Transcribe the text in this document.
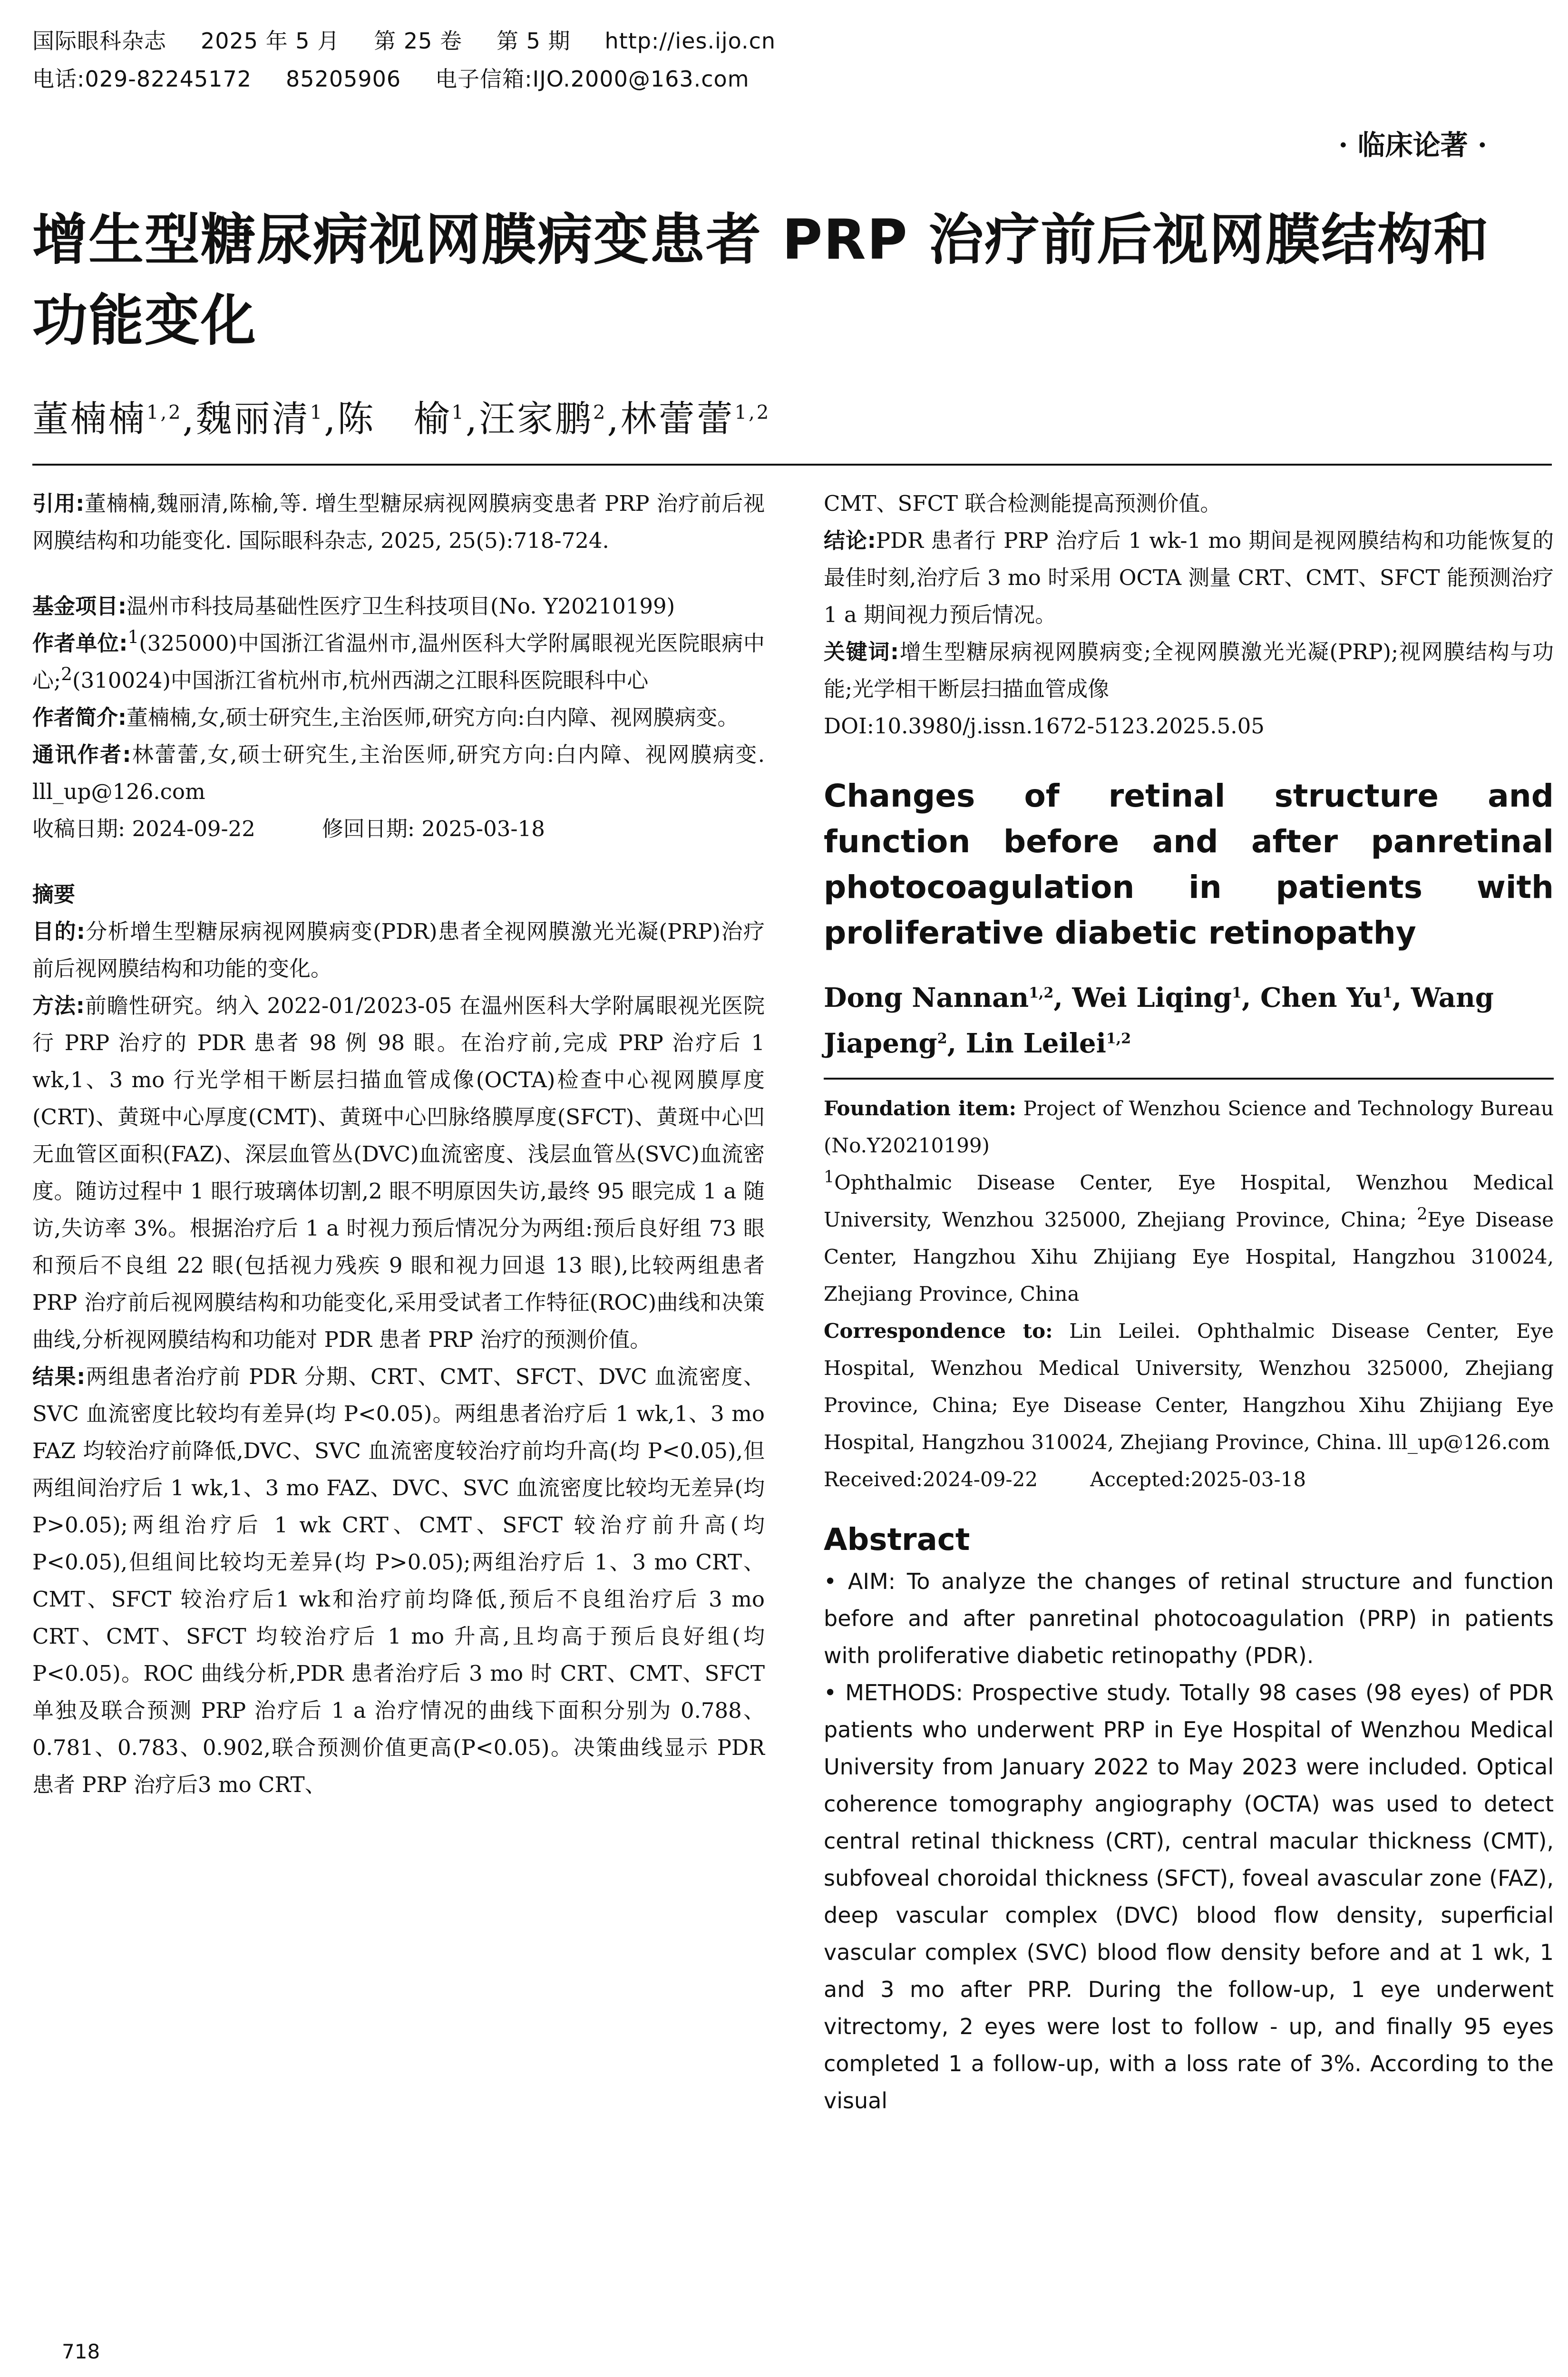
国际眼科杂志 2025 年 5 月 第 25 卷 第 5 期 http://ies.ijo.cn
电话:029-82245172 85205906 电子信箱:IJO.2000@163.com
· 临床论著 ·
增生型糖尿病视网膜病变患者 PRP 治疗前后视网膜结构和功能变化
董楠楠$^{1,2}$,魏丽清$^1$,陈　榆$^1$,汪家鹏$^2$,林蕾蕾$^{1,2}$

引用:董楠楠,魏丽清,陈榆,等. 增生型糖尿病视网膜病变患者 PRP 治疗前后视网膜结构和功能变化. 国际眼科杂志, 2025, 25(5):718-724.

基金项目:温州市科技局基础性医疗卫生科技项目(No. Y20210199)

作者单位:$^1$(325000)中国浙江省温州市,温州医科大学附属眼视光医院眼病中心;$^2$(310024)中国浙江省杭州市,杭州西湖之江眼科医院眼科中心

作者简介:董楠楠,女,硕士研究生,主治医师,研究方向:白内障、视网膜病变。

通讯作者:林蕾蕾,女,硕士研究生,主治医师,研究方向:白内障、视网膜病变. lll_up@126.com

收稿日期: 2024-09-22	修回日期: 2025-03-18

摘要

目的:分析增生型糖尿病视网膜病变(PDR)患者全视网膜激光光凝(PRP)治疗前后视网膜结构和功能的变化。

方法:前瞻性研究。纳入 2022-01/2023-05 在温州医科大学附属眼视光医院行 PRP 治疗的 PDR 患者 98 例 98 眼。在治疗前,完成 PRP 治疗后 1 wk,1、3 mo 行光学相干断层扫描血管成像(OCTA)检查中心视网膜厚度(CRT)、黄斑中心厚度(CMT)、黄斑中心凹脉络膜厚度(SFCT)、黄斑中心凹无血管区面积(FAZ)、深层血管丛(DVC)血流密度、浅层血管丛(SVC)血流密度。随访过程中 1 眼行玻璃体切割,2 眼不明原因失访,最终 95 眼完成 1 a 随访,失访率 3%。根据治疗后 1 a 时视力预后情况分为两组:预后良好组 73 眼和预后不良组 22 眼(包括视力残疾 9 眼和视力回退 13 眼),比较两组患者 PRP 治疗前后视网膜结构和功能变化,采用受试者工作特征(ROC)曲线和决策曲线,分析视网膜结构和功能对 PDR 患者 PRP 治疗的预测价值。

结果:两组患者治疗前 PDR 分期、CRT、CMT、SFCT、DVC 血流密度、SVC 血流密度比较均有差异(均 P<0.05)。两组患者治疗后 1 wk,1、3 mo FAZ 均较治疗前降低,DVC、SVC 血流密度较治疗前均升高(均 P<0.05),但两组间治疗后 1 wk,1、3 mo FAZ、DVC、SVC 血流密度比较均无差异(均 P>0.05);两组治疗后 1 wk CRT、CMT、SFCT 较治疗前升高(均 P<0.05),但组间比较均无差异(均 P>0.05);两组治疗后 1、3 mo CRT、CMT、SFCT 较治疗后1 wk和治疗前均降低,预后不良组治疗后 3 mo CRT、CMT、SFCT 均较治疗后 1 mo 升高,且均高于预后良好组(均 P<0.05)。ROC 曲线分析,PDR 患者治疗后 3 mo 时 CRT、CMT、SFCT 单独及联合预测 PRP 治疗后 1 a 治疗情况的曲线下面积分别为 0.788、0.781、0.783、0.902,联合预测价值更高(P<0.05)。决策曲线显示 PDR 患者 PRP 治疗后3 mo CRT、

CMT、SFCT 联合检测能提高预测价值。

结论:PDR 患者行 PRP 治疗后 1 wk-1 mo 期间是视网膜结构和功能恢复的最佳时刻,治疗后 3 mo 时采用 OCTA 测量 CRT、CMT、SFCT 能预测治疗 1 a 期间视力预后情况。

关键词:增生型糖尿病视网膜病变;全视网膜激光光凝(PRP);视网膜结构与功能;光学相干断层扫描血管成像

DOI:10.3980/j.issn.1672-5123.2025.5.05

Changes of retinal structure and function before and after panretinal photocoagulation in patients with proliferative diabetic retinopathy

Dong Nannan$^{1,2}$, Wei Liqing$^1$, Chen Yu$^1$, Wang Jiapeng$^2$, Lin Leilei$^{1,2}$

Foundation item: Project of Wenzhou Science and Technology Bureau (No.Y20210199)

$^1$Ophthalmic Disease Center, Eye Hospital, Wenzhou Medical University, Wenzhou 325000, Zhejiang Province, China; $^2$Eye Disease Center, Hangzhou Xihu Zhijiang Eye Hospital, Hangzhou 310024, Zhejiang Province, China

Correspondence to: Lin Leilei. Ophthalmic Disease Center, Eye Hospital, Wenzhou Medical University, Wenzhou 325000, Zhejiang Province, China; Eye Disease Center, Hangzhou Xihu Zhijiang Eye Hospital, Hangzhou 310024, Zhejiang Province, China. lll_up@126.com

Received:2024-09-22	Accepted:2025-03-18

Abstract

• AIM: To analyze the changes of retinal structure and function before and after panretinal photocoagulation (PRP) in patients with proliferative diabetic retinopathy (PDR).

• METHODS: Prospective study. Totally 98 cases (98 eyes) of PDR patients who underwent PRP in Eye Hospital of Wenzhou Medical University from January 2022 to May 2023 were included. Optical coherence tomography angiography (OCTA) was used to detect central retinal thickness (CRT), central macular thickness (CMT), subfoveal choroidal thickness (SFCT), foveal avascular zone (FAZ), deep vascular complex (DVC) blood flow density, superficial vascular complex (SVC) blood flow density before and at 1 wk, 1 and 3 mo after PRP. During the follow-up, 1 eye underwent vitrectomy, 2 eyes were lost to follow - up, and finally 95 eyes completed 1 a follow-up, with a loss rate of 3%. According to the visual

718
